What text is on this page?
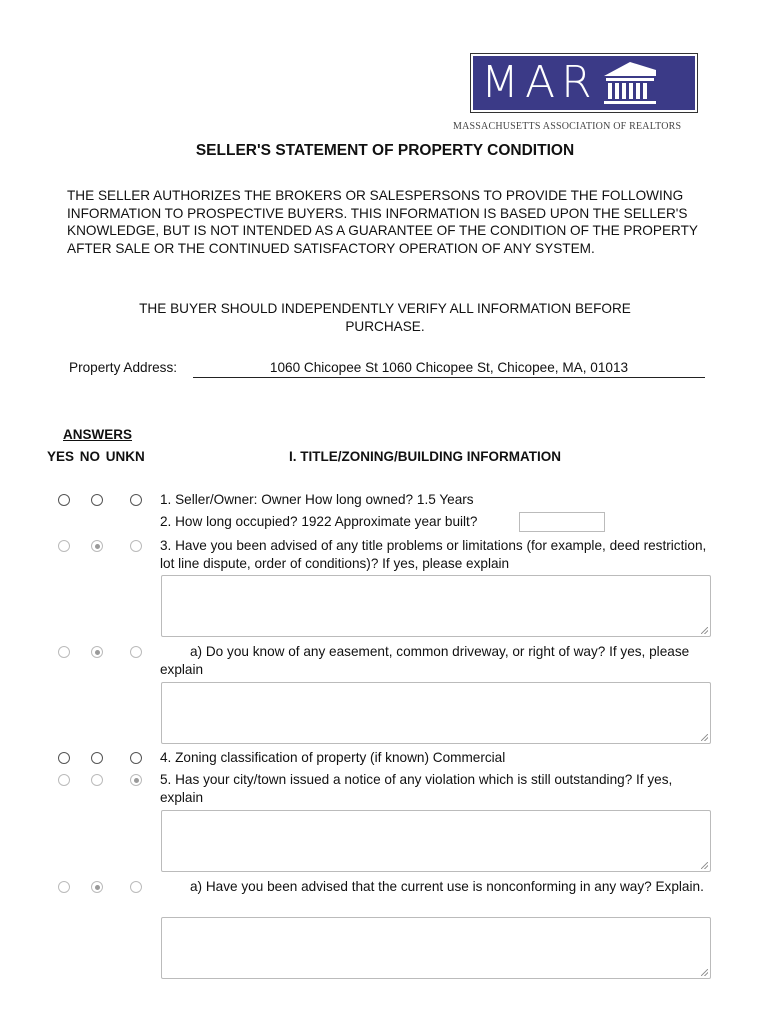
MAR
MASSACHUSETTS ASSOCIATION OF REALTORS
SELLER'S STATEMENT OF PROPERTY CONDITION
THE SELLER AUTHORIZES THE BROKERS OR SALESPERSONS TO PROVIDE THE FOLLOWING INFORMATION TO PROSPECTIVE BUYERS. THIS INFORMATION IS BASED UPON THE SELLER'S KNOWLEDGE, BUT IS NOT INTENDED AS A GUARANTEE OF THE CONDITION OF THE PROPERTY AFTER SALE OR THE CONTINUED SATISFACTORY OPERATION OF ANY SYSTEM.
THE BUYER SHOULD INDEPENDENTLY VERIFY ALL INFORMATION BEFORE PURCHASE.
Property Address:	1060 Chicopee St 1060 Chicopee St, Chicopee, MA, 01013
ANSWERS
YES NO UNKN	I. TITLE/ZONING/BUILDING INFORMATION
1. Seller/Owner: Owner How long owned? 1.5 Years
2. How long occupied? 1922 Approximate year built?
3. Have you been advised of any title problems or limitations (for example, deed restriction, lot line dispute, order of conditions)? If yes, please explain
a) Do you know of any easement, common driveway, or right of way? If yes, please explain
4. Zoning classification of property (if known) Commercial
5. Has your city/town issued a notice of any violation which is still outstanding? If yes, explain
a) Have you been advised that the current use is nonconforming in any way? Explain.
